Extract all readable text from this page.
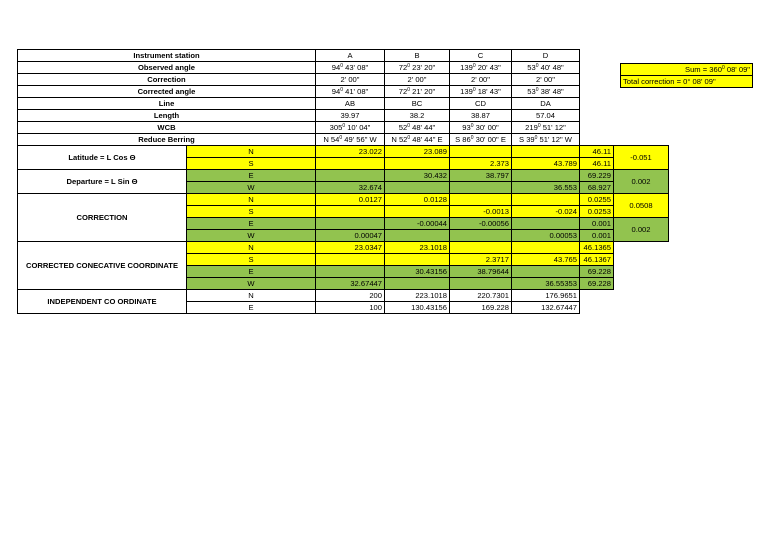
Instrument station		A	B	C	D		
Observed angle		$94^0$ 43' 08"	$72^0$ 23' 20"	$139^0$ 20' 43"	$53^0$ 40' 48"		
Correction		2' 00"	2' 00"	2' 00"	2' 00"		
Corrected angle		$94^0$ 41' 08"	$72^0$ 21' 20"	$139^0$ 18' 43"	$53^0$ 38' 48"		
Line		AB	BC	CD	DA		
Length		39.97	38.2	38.87	57.04		
WCB		$305^0$ 10' 04"	$52^0$ 48' 44"	$93^0$ 30' 00"	$219^0$ 51' 12"		
Reduce Berring		N $54^0$ 49' 56" W	N $52^0$ 48' 44" E	S $86^0$ 30' 00" E	S $39^0$ 51' 12" W		
Latitude = L Cos Θ	N	23.022	23.089			46.11	-0.051
	S			2.373	43.789	46.11	
Departure = L Sin Θ	E		30.432	38.797		69.229	0.002
	W	32.674			36.553	68.927	
CORRECTION	N	0.0127	0.0128			0.0255	0.0508
	S			-0.0013	-0.024	0.0253	
	E		-0.00044	-0.00056		0.001	0.002
	W	0.00047			0.00053	0.001	
CORRECTED CONECATIVE COORDINATE	N	23.0347	23.1018			46.1365	
	S			2.3717	43.765	46.1367	
	E		30.43156	38.79644		69.228	
	W	32.67447			36.55353	69.228	
INDEPENDENT CO ORDINATE	N	200	223.1018	220.7301	176.9651		
	E	100	130.43156	169.228	132.67447		
Sum = $360^0$ 08' 09"
Total correction = 0° 08' 09"
